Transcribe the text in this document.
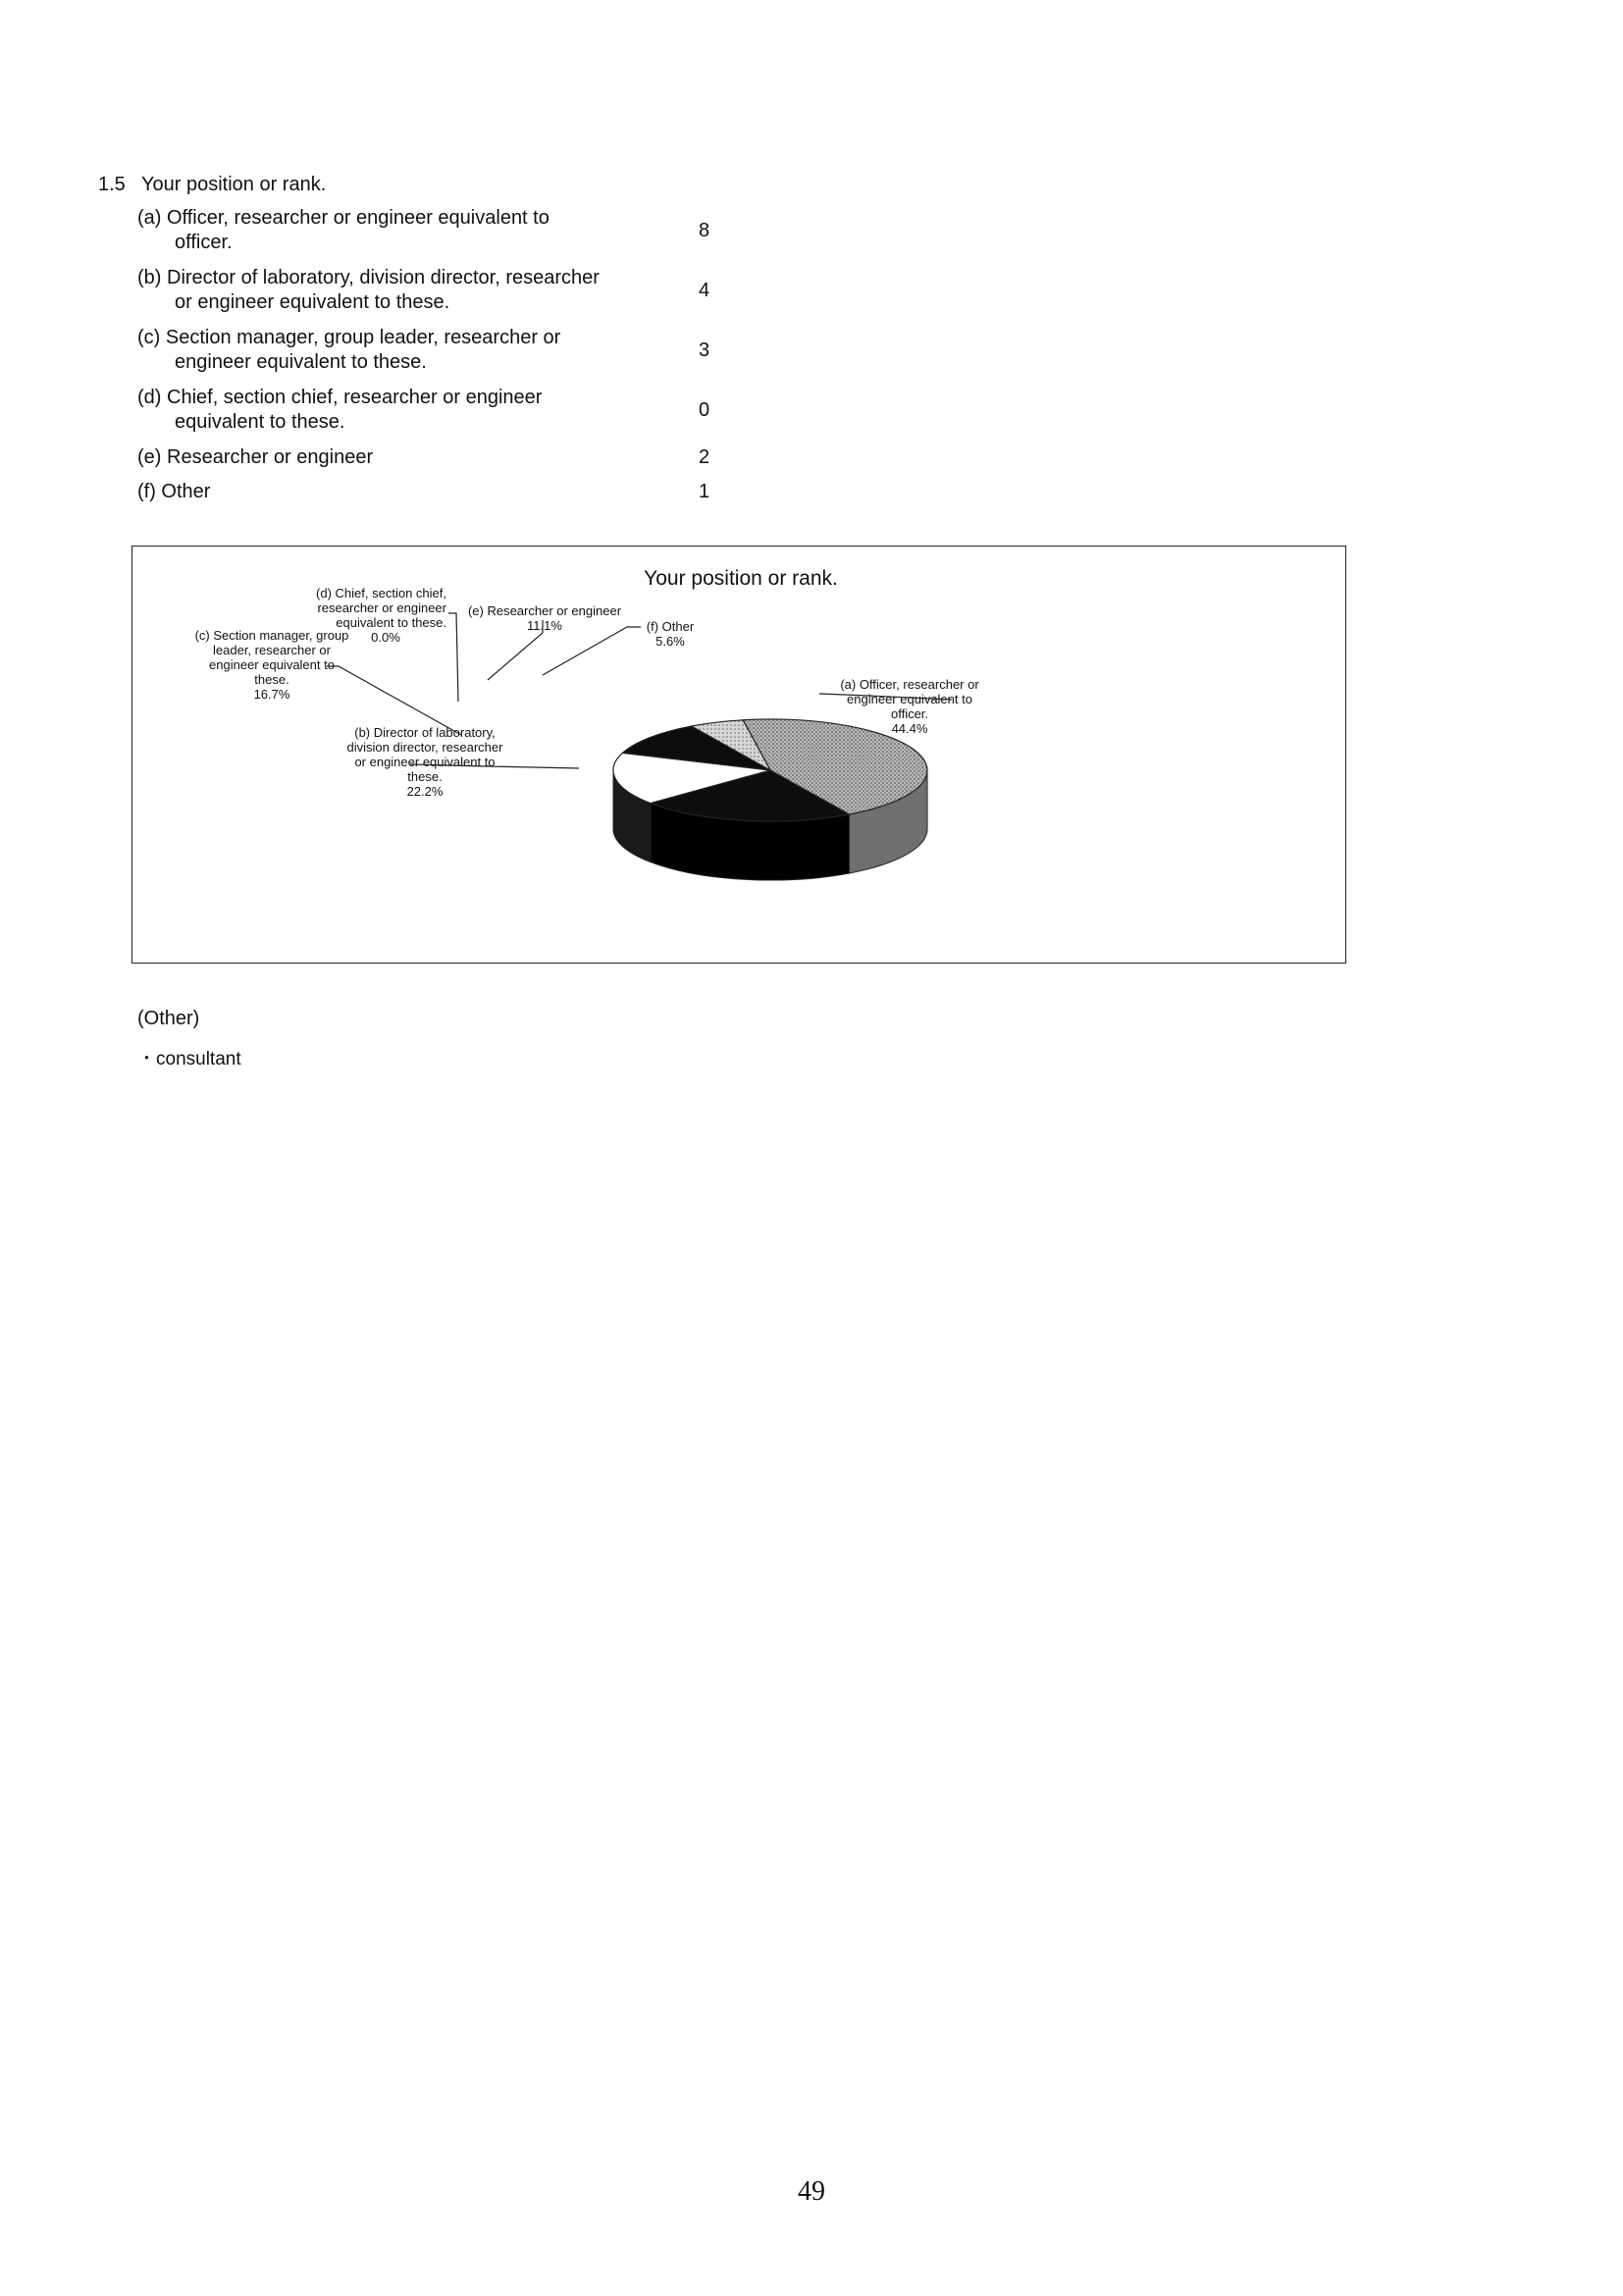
1.5 Your position or rank.
(a) Officer, researcher or engineer equivalent to
officer.
8
(b) Director of laboratory, division director, researcher
or engineer equivalent to these.
4
(c) Section manager, group leader, researcher or
engineer equivalent to these.
3
(d) Chief, section chief, researcher or engineer
equivalent to these.
0
(e) Researcher or engineer	2
(f) Other	1
Your position or rank.
(a) Officer, researcher or
engineer equivalent to
officer.
44.4%
(b) Director of laboratory,
division director, researcher
or engineer equivalent to
these.
22.2%
(c) Section manager, group
leader, researcher or
engineer equivalent to
these.
16.7%
(d) Chief, section chief,
researcher or engineer
equivalent to these.
0.0%
(e) Researcher or engineer
11.1%	(f) Other
5.6%
(Other)
・consultant
49
